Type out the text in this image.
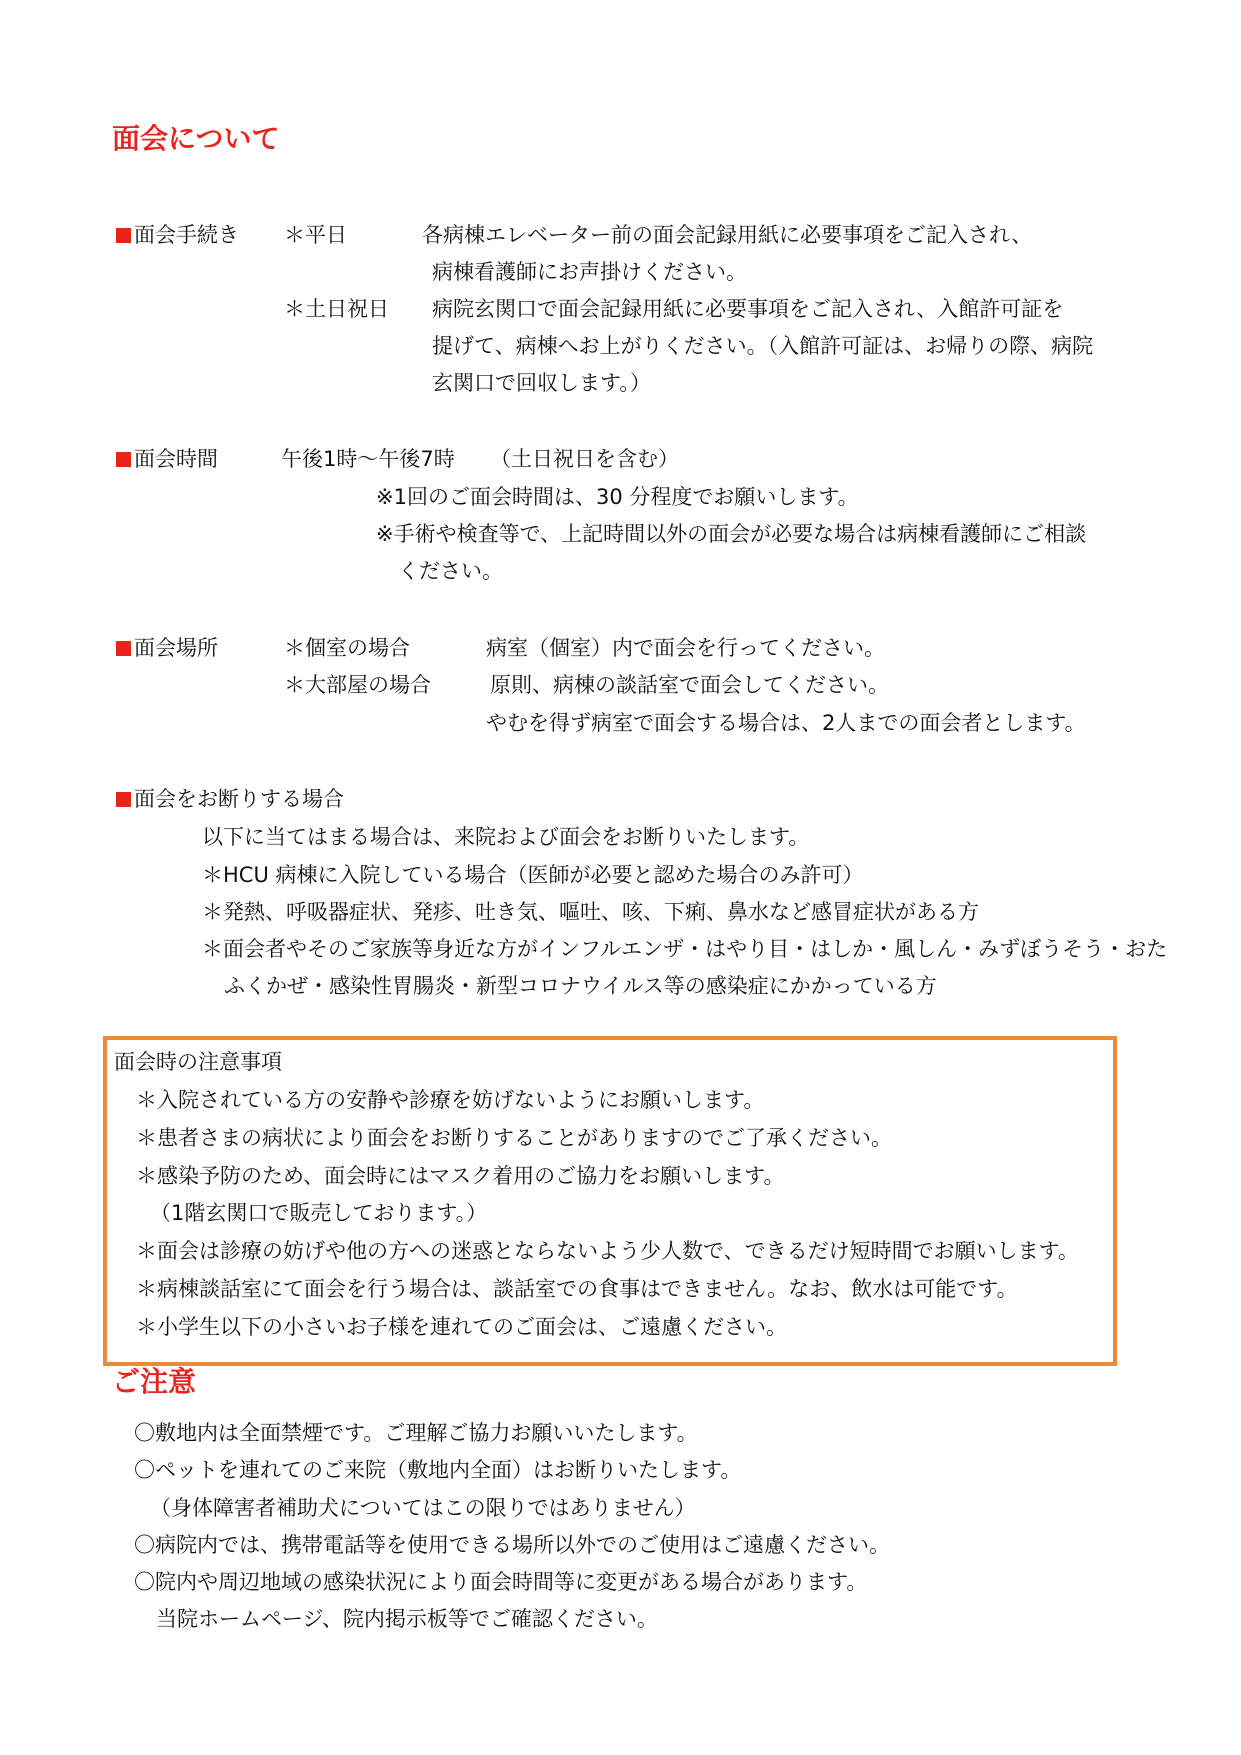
面会について
面会手続き ＊平日	各病棟エレベーター前の面会記録用紙に必要事項をご記入され、
病棟看護師にお声掛けください。
＊土日祝日 病院玄関口で面会記録用紙に必要事項をご記入され、入館許可証を
提げて、病棟へお上がりください。（入館許可証は、お帰りの際、病院
玄関口で回収します。）
面会時間	午後1時～午後7時 （土日祝日を含む）
※1回のご面会時間は、30 分程度でお願いします。
※手術や検査等で、上記時間以外の面会が必要な場合は病棟看護師にご相談
ください。
面会場所	＊個室の場合	病室（個室）内で面会を行ってください。
＊大部屋の場合	原則、病棟の談話室で面会してください。
やむを得ず病室で面会する場合は、2人までの面会者とします。
面会をお断りする場合
以下に当てはまる場合は、来院および面会をお断りいたします。
＊HCU 病棟に入院している場合（医師が必要と認めた場合のみ許可）
＊発熱、呼吸器症状、発疹、吐き気、嘔吐、咳、下痢、鼻水など感冒症状がある方
＊面会者やそのご家族等身近な方がインフルエンザ・はやり目・はしか・風しん・みずぼうそう・おた
ふくかぜ・感染性胃腸炎・新型コロナウイルス等の感染症にかかっている方
面会時の注意事項
＊入院されている方の安静や診療を妨げないようにお願いします。
＊患者さまの病状により面会をお断りすることがありますのでご了承ください。
＊感染予防のため、面会時にはマスク着用のご協力をお願いします。
（1階玄関口で販売しております。）
＊面会は診療の妨げや他の方への迷惑とならないよう少人数で、できるだけ短時間でお願いします。
＊病棟談話室にて面会を行う場合は、談話室での食事はできません。なお、飲水は可能です。
＊小学生以下の小さいお子様を連れてのご面会は、ご遠慮ください。
ご注意
〇敷地内は全面禁煙です。ご理解ご協力お願いいたします。
〇ペットを連れてのご来院（敷地内全面）はお断りいたします。
（身体障害者補助犬についてはこの限りではありません）
〇病院内では、携帯電話等を使用できる場所以外でのご使用はご遠慮ください。
〇院内や周辺地域の感染状況により面会時間等に変更がある場合があります。
当院ホームページ、院内掲示板等でご確認ください。
